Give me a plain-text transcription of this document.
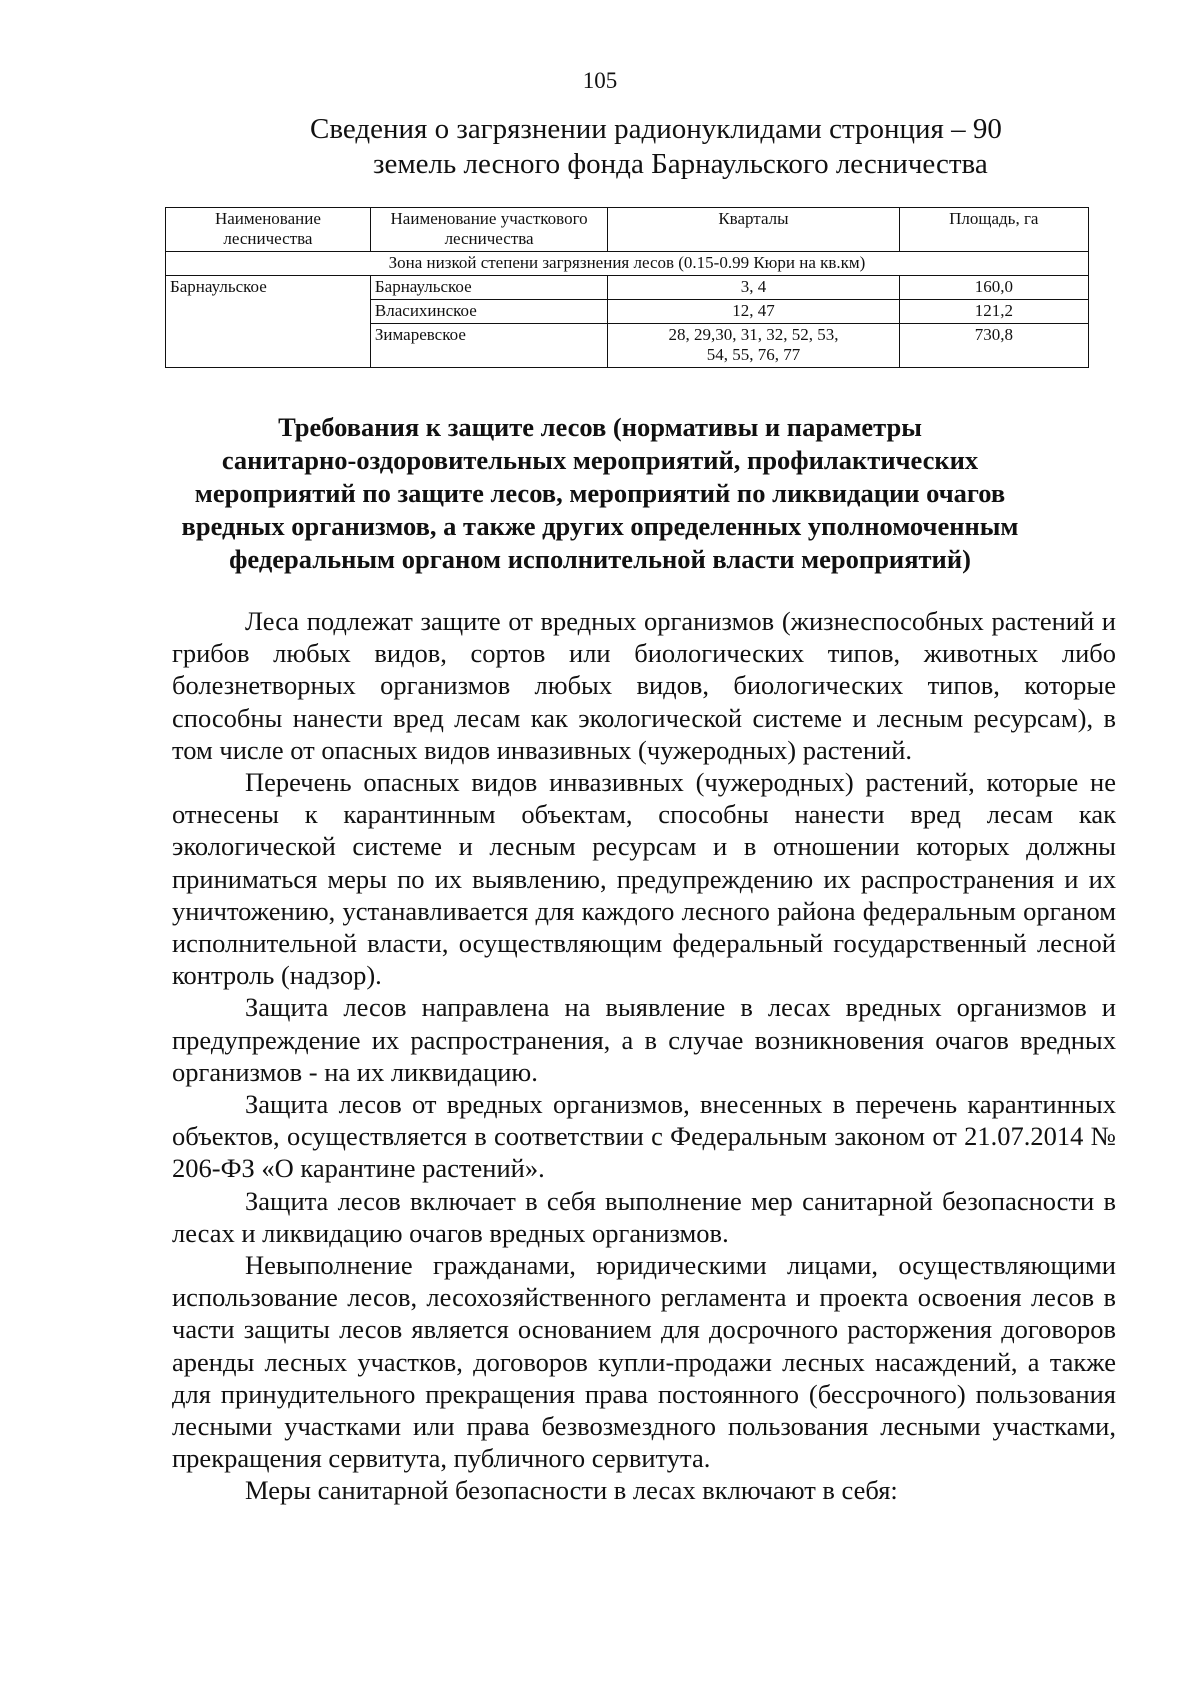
105
Сведения о загрязнении радионуклидами стронция – 90
земель лесного фонда Барнаульского лесничества
Наименование лесничества	Наименование участкового лесничества	Кварталы	Площадь, га
Зона низкой степени загрязнения лесов (0.15-0.99 Кюри на кв.км)			
Барнаульское	Барнаульское	3, 4	160,0
	Власихинское	12, 47	121,2
	Зимаревское	28, 29,30, 31, 32, 52, 53, 54, 55, 76, 77	730,8
Требования к защите лесов (нормативы и параметры
санитарно-оздоровительных мероприятий, профилактических
мероприятий по защите лесов, мероприятий по ликвидации очагов
вредных организмов, а также других определенных уполномоченным
федеральным органом исполнительной власти мероприятий)

Леса подлежат защите от вредных организмов (жизнеспособных растений и грибов любых видов, сортов или биологических типов, животных либо болезнетворных организмов любых видов, биологических типов, которые способны нанести вред лесам как экологической системе и лесным ресурсам), в том числе от опасных видов инвазивных (чужеродных) растений.

Перечень опасных видов инвазивных (чужеродных) растений, которые не отнесены к карантинным объектам, способны нанести вред лесам как экологической системе и лесным ресурсам и в отношении которых должны приниматься меры по их выявлению, предупреждению их распространения и их уничтожению, устанавливается для каждого лесного района федеральным органом исполнительной власти, осуществляющим федеральный государственный лесной контроль (надзор).

Защита лесов направлена на выявление в лесах вредных организмов и предупреждение их распространения, а в случае возникновения очагов вредных организмов - на их ликвидацию.

Защита лесов от вредных организмов, внесенных в перечень карантинных объектов, осуществляется в соответствии с Федеральным законом от 21.07.2014 № 206-ФЗ «О карантине растений».

Защита лесов включает в себя выполнение мер санитарной безопасности в лесах и ликвидацию очагов вредных организмов.

Невыполнение гражданами, юридическими лицами, осуществляющими использование лесов, лесохозяйственного регламента и проекта освоения лесов в части защиты лесов является основанием для досрочного расторжения договоров аренды лесных участков, договоров купли-продажи лесных насаждений, а также для принудительного прекращения права постоянного (бессрочного) пользования лесными участками или права безвозмездного пользования лесными участками, прекращения сервитута, публичного сервитута.

Меры санитарной безопасности в лесах включают в себя:
